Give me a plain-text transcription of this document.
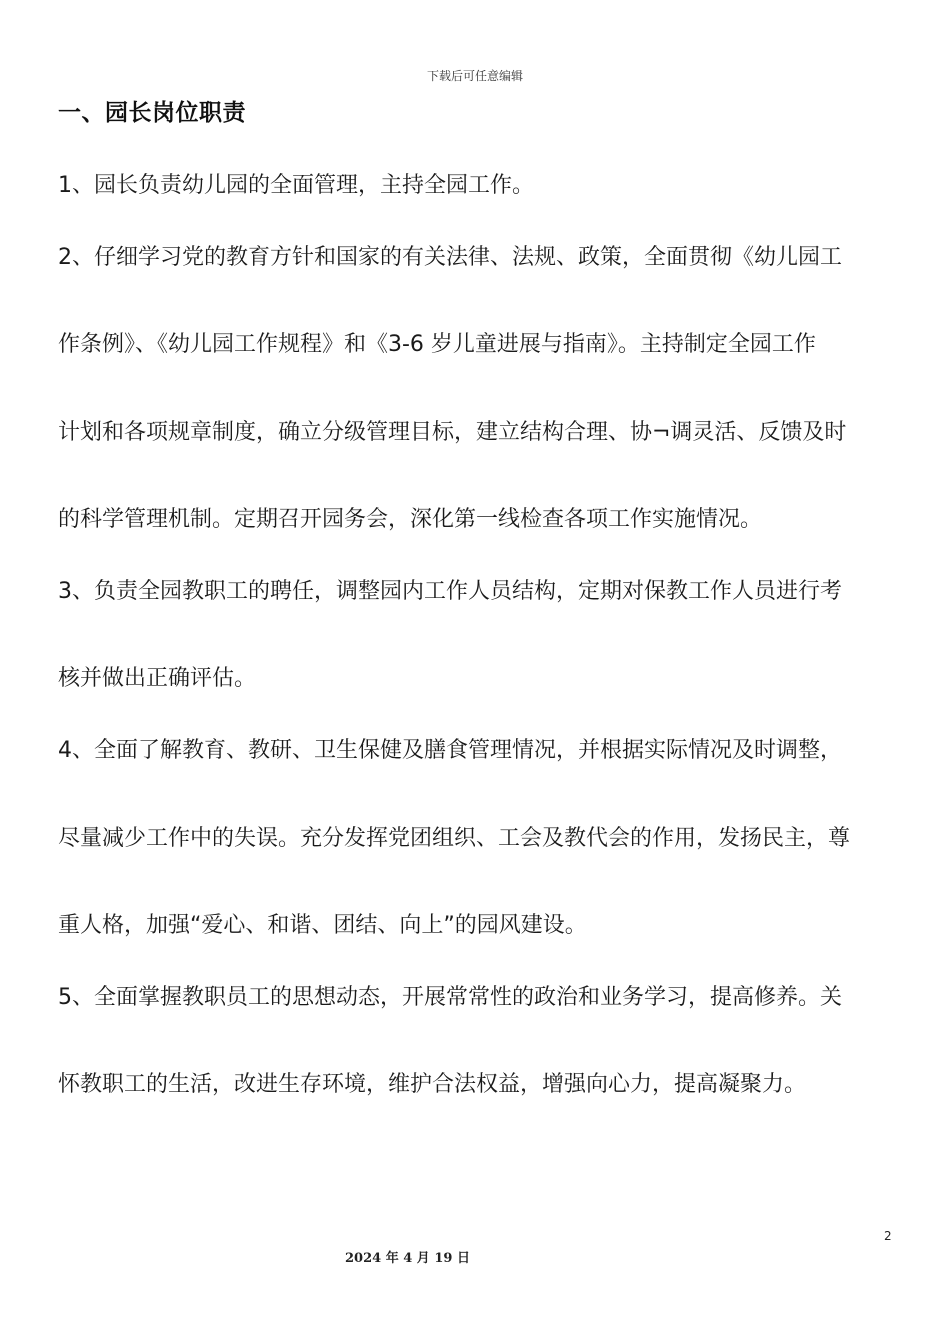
下载后可任意编辑
一、园长岗位职责
1、园长负责幼儿园的全面管理，主持全园工作。
2、仔细学习党的教育方针和国家的有关法律、法规、政策，全面贯彻《幼儿园工
作条例》、《幼儿园工作规程》和《3-6 岁儿童进展与指南》。主持制定全园工作
计划和各项规章制度，确立分级管理目标，建立结构合理、协¬调灵活、反馈及时
的科学管理机制。定期召开园务会，深化第一线检查各项工作实施情况。
3、负责全园教职工的聘任，调整园内工作人员结构，定期对保教工作人员进行考
核并做出正确评估。
4、全面了解教育、教研、卫生保健及膳食管理情况，并根据实际情况及时调整，
尽量减少工作中的失误。充分发挥党团组织、工会及教代会的作用，发扬民主，尊
重人格，加强“爱心、和谐、团结、向上”的园风建设。
5、全面掌握教职员工的思想动态，开展常常性的政治和业务学习，提高修养。关
怀教职工的生活，改进生存环境，维护合法权益，增强向心力，提高凝聚力。
2
2024 年 4 月 19 日
